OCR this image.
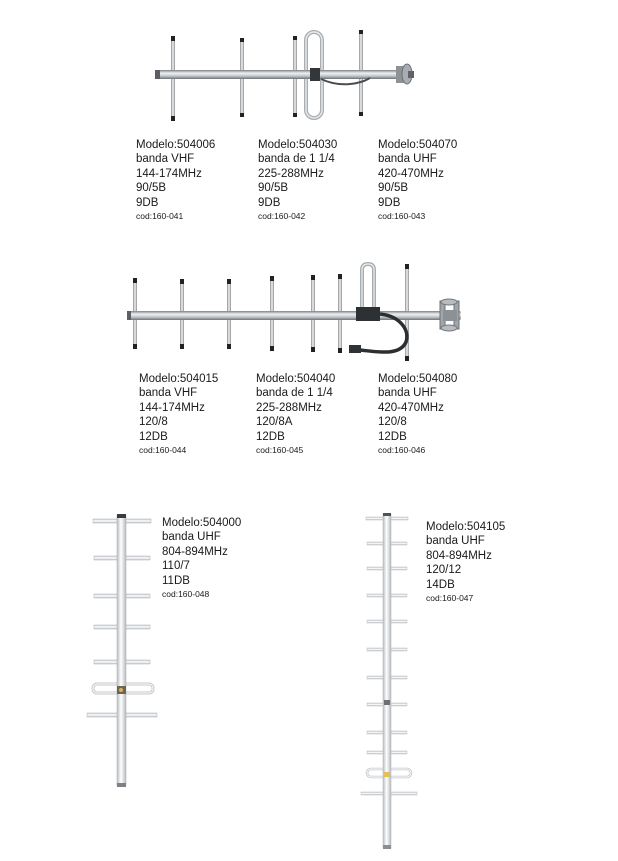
Modelo:504006
banda VHF
144-174MHz
90/5B
9DB
cod:160-041
Modelo:504030
banda de 1 1/4
225-288MHz
90/5B
9DB
cod:160-042
Modelo:504070
banda UHF
420-470MHz
90/5B
9DB
cod:160-043
Modelo:504015
banda VHF
144-174MHz
120/8
12DB
cod:160-044
Modelo:504040
banda de 1 1/4
225-288MHz
120/8A
12DB
cod:160-045
Modelo:504080
banda UHF
420-470MHz
120/8
12DB
cod:160-046
Modelo:504000
banda UHF
804-894MHz
110/7
11DB
cod:160-048
Modelo:504105
banda UHF
804-894MHz
120/12
14DB
cod:160-047
